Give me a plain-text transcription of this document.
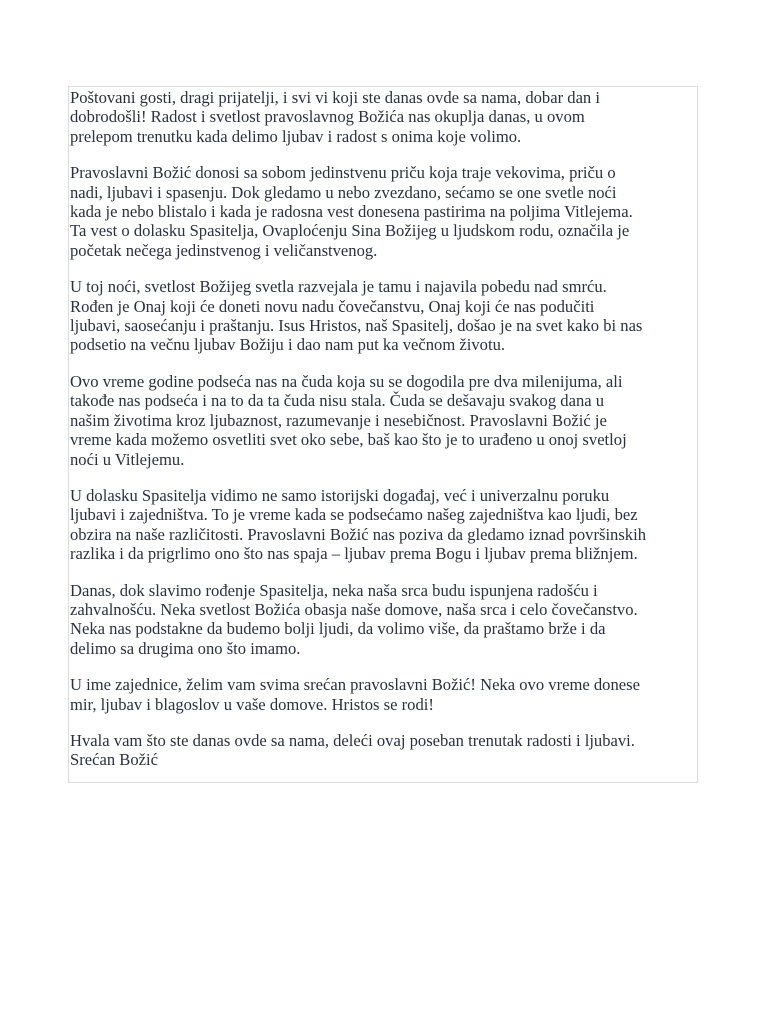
Poštovani gosti, dragi prijatelji, i svi vi koji ste danas ovde sa nama, dobar dan i
dobrodošli! Radost i svetlost pravoslavnog Božića nas okuplja danas, u ovom
prelepom trenutku kada delimo ljubav i radost s onima koje volimo.

Pravoslavni Božić donosi sa sobom jedinstvenu priču koja traje vekovima, priču o
nadi, ljubavi i spasenju. Dok gledamo u nebo zvezdano, sećamo se one svetle noći
kada je nebo blistalo i kada je radosna vest donesena pastirima na poljima Vitlejema.
Ta vest o dolasku Spasitelja, Ovaploćenju Sina Božijeg u ljudskom rodu, označila je
početak nečega jedinstvenog i veličanstvenog.

U toj noći, svetlost Božijeg svetla razvejala je tamu i najavila pobedu nad smrću.
Rođen je Onaj koji će doneti novu nadu čovečanstvu, Onaj koji će nas podučiti
ljubavi, saosećanju i praštanju. Isus Hristos, naš Spasitelj, došao je na svet kako bi nas
podsetio na večnu ljubav Božiju i dao nam put ka večnom životu.

Ovo vreme godine podseća nas na čuda koja su se dogodila pre dva milenijuma, ali
takođe nas podseća i na to da ta čuda nisu stala. Čuda se dešavaju svakog dana u
našim životima kroz ljubaznost, razumevanje i nesebičnost. Pravoslavni Božić je
vreme kada možemo osvetliti svet oko sebe, baš kao što je to urađeno u onoj svetloj
noći u Vitlejemu.

U dolasku Spasitelja vidimo ne samo istorijski događaj, već i univerzalnu poruku
ljubavi i zajedništva. To je vreme kada se podsećamo našeg zajedništva kao ljudi, bez
obzira na naše različitosti. Pravoslavni Božić nas poziva da gledamo iznad površinskih
razlika i da prigrlimo ono što nas spaja – ljubav prema Bogu i ljubav prema bližnjem.

Danas, dok slavimo rođenje Spasitelja, neka naša srca budu ispunjena radošću i
zahvalnošću. Neka svetlost Božića obasja naše domove, naša srca i celo čovečanstvo.
Neka nas podstakne da budemo bolji ljudi, da volimo više, da praštamo brže i da
delimo sa drugima ono što imamo.

U ime zajednice, želim vam svima srećan pravoslavni Božić! Neka ovo vreme donese
mir, ljubav i blagoslov u vaše domove. Hristos se rodi!

Hvala vam što ste danas ovde sa nama, deleći ovaj poseban trenutak radosti i ljubavi.
Srećan Božić
